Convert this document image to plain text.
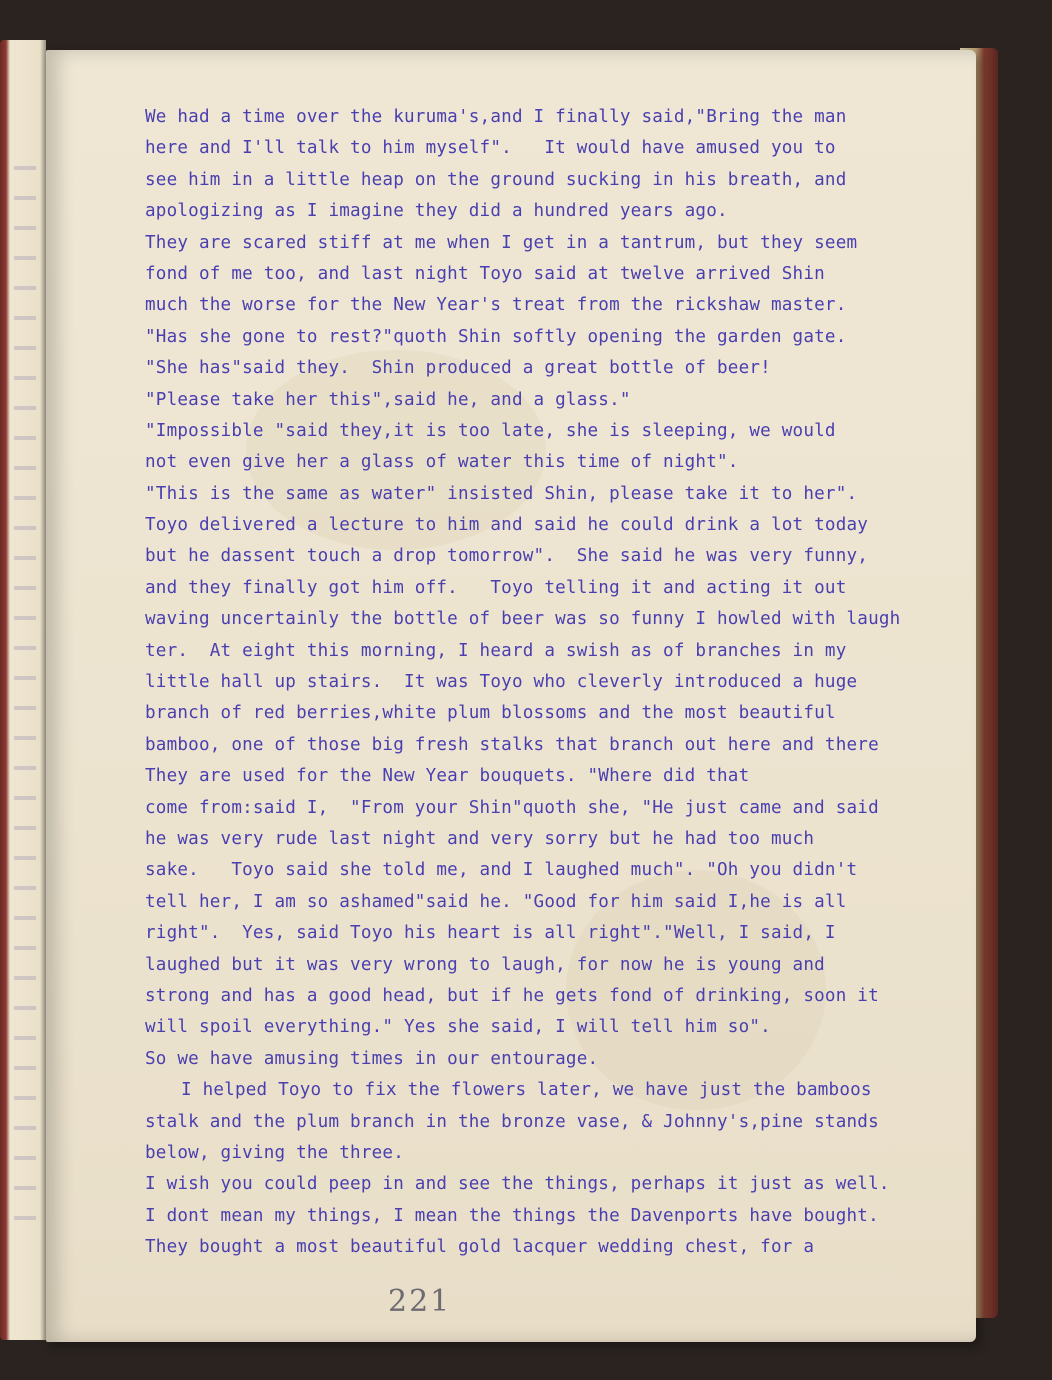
We had a time over the kuruma's,and I finally said,"Bring the man
here and I'll talk to him myself".   It would have amused you to
see him in a little heap on the ground sucking in his breath, and
apologizing as I imagine they did a hundred years ago.
They are scared stiff at me when I get in a tantrum, but they seem
fond of me too, and last night Toyo said at twelve arrived Shin
much the worse for the New Year's treat from the rickshaw master.
"Has she gone to rest?"quoth Shin softly opening the garden gate.
"She has"said they.  Shin produced a great bottle of beer!
"Please take her this",said he, and a glass."
"Impossible "said they,it is too late, she is sleeping, we would
not even give her a glass of water this time of night".
"This is the same as water" insisted Shin, please take it to her".
Toyo delivered a lecture to him and said he could drink a lot today
but he dassent touch a drop tomorrow".  She said he was very funny,
and they finally got him off.   Toyo telling it and acting it out
waving uncertainly the bottle of beer was so funny I howled with laugh
ter.  At eight this morning, I heard a swish as of branches in my
little hall up stairs.  It was Toyo who cleverly introduced a huge
branch of red berries,white plum blossoms and the most beautiful
bamboo, one of those big fresh stalks that branch out here and there
They are used for the New Year bouquets. "Where did that
come from:said I,  "From your Shin"quoth she, "He just came and said
he was very rude last night and very sorry but he had too much
sake.   Toyo said she told me, and I laughed much". "Oh you didn't
tell her, I am so ashamed"said he. "Good for him said I,he is all
right".  Yes, said Toyo his heart is all right"."Well, I said, I
laughed but it was very wrong to laugh, for now he is young and
strong and has a good head, but if he gets fond of drinking, soon it
will spoil everything." Yes she said, I will tell him so".
So we have amusing times in our entourage.
I helped Toyo to fix the flowers later, we have just the bamboos
stalk and the plum branch in the bronze vase, & Johnny's,pine stands
below, giving the three.
I wish you could peep in and see the things, perhaps it just as well.
I dont mean my things, I mean the things the Davenports have bought.
They bought a most beautiful gold lacquer wedding chest, for a
221
